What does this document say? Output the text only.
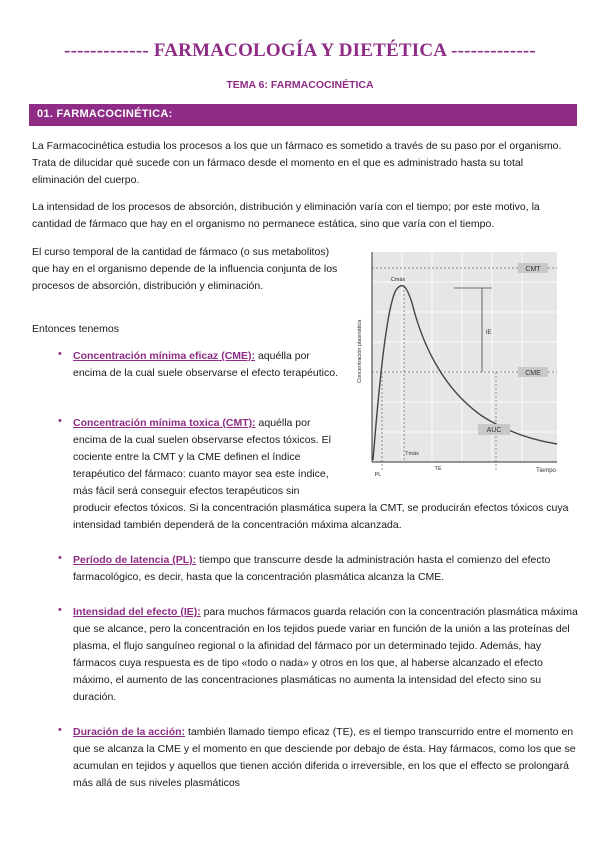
------------- FARMACOLOGÍA Y DIETÉTICA -------------
TEMA 6: FARMACOCINÉTICA
01. FARMACOCINÉTICA:

La Farmacocinética estudia los procesos a los que un fármaco es sometido a través de su paso por el organismo. Trata de dilucidar qué sucede con un fármaco desde el momento en el que es administrado hasta su total eliminación del cuerpo.

La intensidad de los procesos de absorción, distribución y eliminación varía con el tiempo; por este motivo, la cantidad de fármaco que hay en el organismo no permanece estática, sino que varía con el tiempo.

El curso temporal de la cantidad de fármaco (o sus metabolitos) que hay en el organismo depende de la influencia conjunta de los procesos de absorción, distribución y eliminación.

Entonces tenemos

• Concentración mínima eficaz (CME): aquélla por encima de la cual suele observarse el efecto terapéutico.
• Concentración mínima toxica (CMT): aquélla por encima de la cual suelen observarse efectos tóxicos. El cociente entre la CMT y la CME definen el índice terapéutico del fármaco: cuanto mayor sea este índice, más fácil será conseguir efectos terapéuticos sin producir efectos tóxicos. Si la concentración plasmática supera la CMT, se producirán efectos tóxicos cuya intensidad también dependerá de la concentración máxima alcanzada.
• Período de latencia (PL): tiempo que transcurre desde la administración hasta el comienzo del efecto farmacológico, es decir, hasta que la concentración plasmática alcanza la CME.
• Intensidad del efecto (IE): para muchos fármacos guarda relación con la concentración plasmática máxima que se alcance, pero la concentración en los tejidos puede variar en función de la unión a las proteínas del plasma, el flujo sanguíneo regional o la afinidad del fármaco por un determinado tejido. Además, hay fármacos cuya respuesta es de tipo «todo o nada» y otros en los que, al haberse alcanzado el efecto máximo, el aumento de las concentraciones plasmáticas no aumenta la intensidad del efecto sino su duración.
• Duración de la acción: también llamado tiempo eficaz (TE), es el tiempo transcurrido entre el momento en que se alcanza la CME y el momento en que desciende por debajo de ésta. Hay fármacos, como los que se acumulan en tejidos y aquellos que tienen acción diferida o irreversible, en los que el effecto se prolongará más allá de sus niveles plasmáticos
CMT
CME
AUC
Cmáx
Tmáx
IE
TE
PL
Tiempo
Concentración plasmática
